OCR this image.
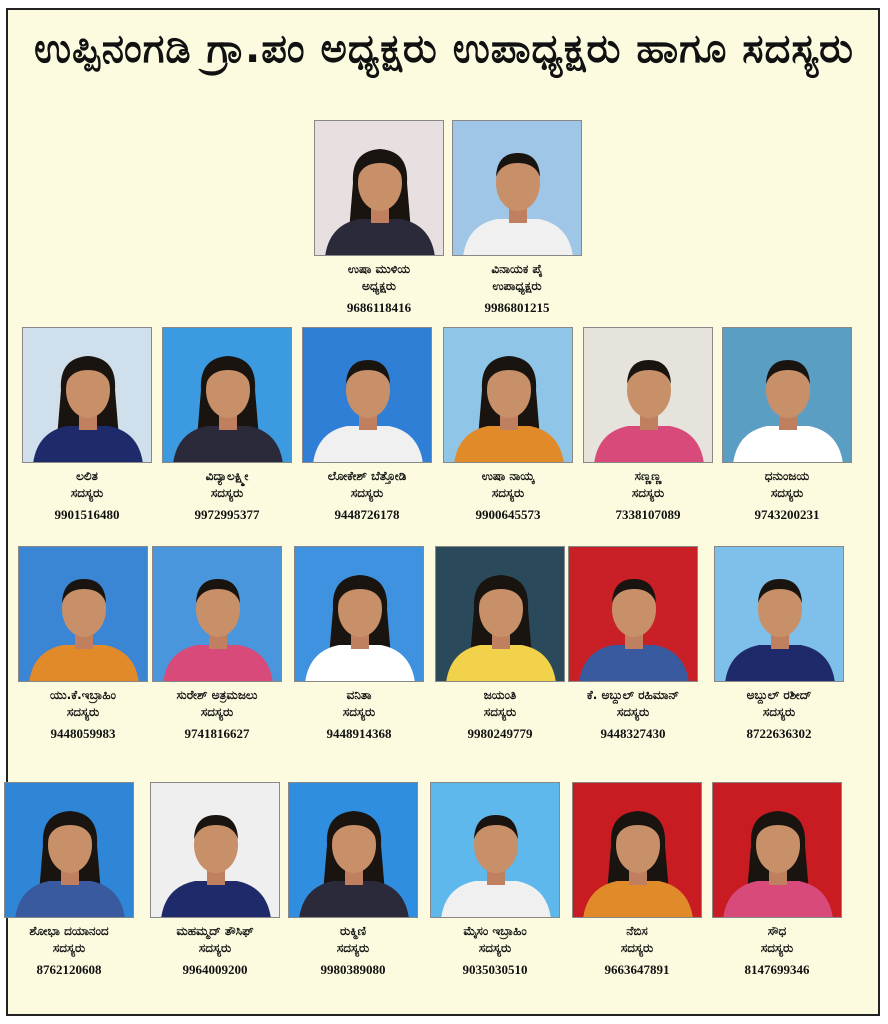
ಉಪ್ಪಿನಂಗಡಿ ಗ್ರಾ.ಪಂ ಅಧ್ಯಕ್ಷರು ಉಪಾಧ್ಯಕ್ಷರು ಹಾಗೂ ಸದಸ್ಯರು
ಉಷಾ ಮುಳಿಯ
ಅಧ್ಯಕ್ಷರು
9686118416
ವಿನಾಯಕ ಪೈ
ಉಪಾಧ್ಯಕ್ಷರು
9986801215
ಲಲಿತ
ಸದಸ್ಯರು
9901516480
ವಿದ್ಯಾಲಕ್ಷ್ಮೀ
ಸದಸ್ಯರು
9972995377
ಲೋಕೇಶ್ ಬೆತ್ತೋಡಿ
ಸದಸ್ಯರು
9448726178
ಉಷಾ ನಾಯ್ಕ
ಸದಸ್ಯರು
9900645573
ಸಣ್ಣಣ್ಣ
ಸದಸ್ಯರು
7338107089
ಧನುಂಜಯ
ಸದಸ್ಯರು
9743200231
ಯು.ಕೆ.ಇಬ್ರಾಹಿಂ
ಸದಸ್ಯರು
9448059983
ಸುರೇಶ್ ಅತ್ರಮಜಲು
ಸದಸ್ಯರು
9741816627
ವನಿತಾ
ಸದಸ್ಯರು
9448914368
ಜಯಂತಿ
ಸದಸ್ಯರು
9980249779
ಕೆ. ಅಬ್ದುಲ್ ರಹಿಮಾನ್
ಸದಸ್ಯರು
9448327430
ಅಬ್ದುಲ್ ರಶೀದ್
ಸದಸ್ಯರು
8722636302
ಶೋಭಾ ದಯಾನಂದ
ಸದಸ್ಯರು
8762120608
ಮಹಮ್ಮದ್ ತೌಸಿಫ್
ಸದಸ್ಯರು
9964009200
ರುಕ್ಮಿಣಿ
ಸದಸ್ಯರು
9980389080
ಮೈಸಂ ಇಬ್ರಾಹಿಂ
ಸದಸ್ಯರು
9035030510
ನೆಬಿಸ
ಸದಸ್ಯರು
9663647891
ಸೌಧ
ಸದಸ್ಯರು
8147699346
